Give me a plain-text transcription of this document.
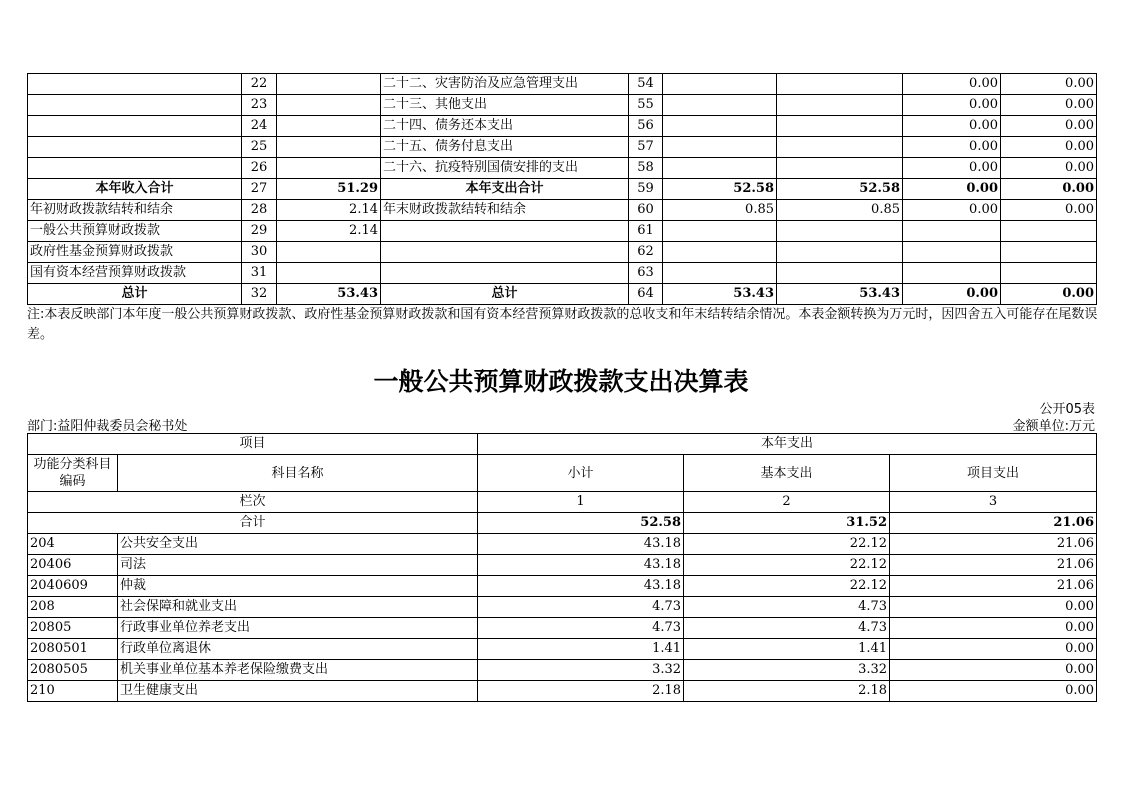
	22		二十二、灾害防治及应急管理支出	54			0.00	0.00
	23		二十三、其他支出	55			0.00	0.00
	24		二十四、债务还本支出	56			0.00	0.00
	25		二十五、债务付息支出	57			0.00	0.00
	26		二十六、抗疫特别国债安排的支出	58			0.00	0.00
本年收入合计	27	51.29	本年支出合计	59	52.58	52.58	0.00	0.00
年初财政拨款结转和结余	28	2.14	年末财政拨款结转和结余	60	0.85	0.85	0.00	0.00
一般公共预算财政拨款	29	2.14		61				
政府性基金预算财政拨款	30			62				
国有资本经营预算财政拨款	31			63				
总计	32	53.43	总计	64	53.43	53.43	0.00	0.00
注:本表反映部门本年度一般公共预算财政拨款、政府性基金预算财政拨款和国有资本经营预算财政拨款的总收支和年末结转结余情况。本表金额转换为万元时，因四舍五入可能存在尾数误差。
一般公共预算财政拨款支出决算表
公开05表
部门:益阳仲裁委员会秘书处	金额单位:万元
项目		本年支出		
功能分类科目编码	科目名称	小计	基本支出	项目支出
栏次		1	2	3
合计		52.58	31.52	21.06
204	公共安全支出	43.18	22.12	21.06
20406	司法	43.18	22.12	21.06
2040609	仲裁	43.18	22.12	21.06
208	社会保障和就业支出	4.73	4.73	0.00
20805	行政事业单位养老支出	4.73	4.73	0.00
2080501	行政单位离退休	1.41	1.41	0.00
2080505	机关事业单位基本养老保险缴费支出	3.32	3.32	0.00
210	卫生健康支出	2.18	2.18	0.00
